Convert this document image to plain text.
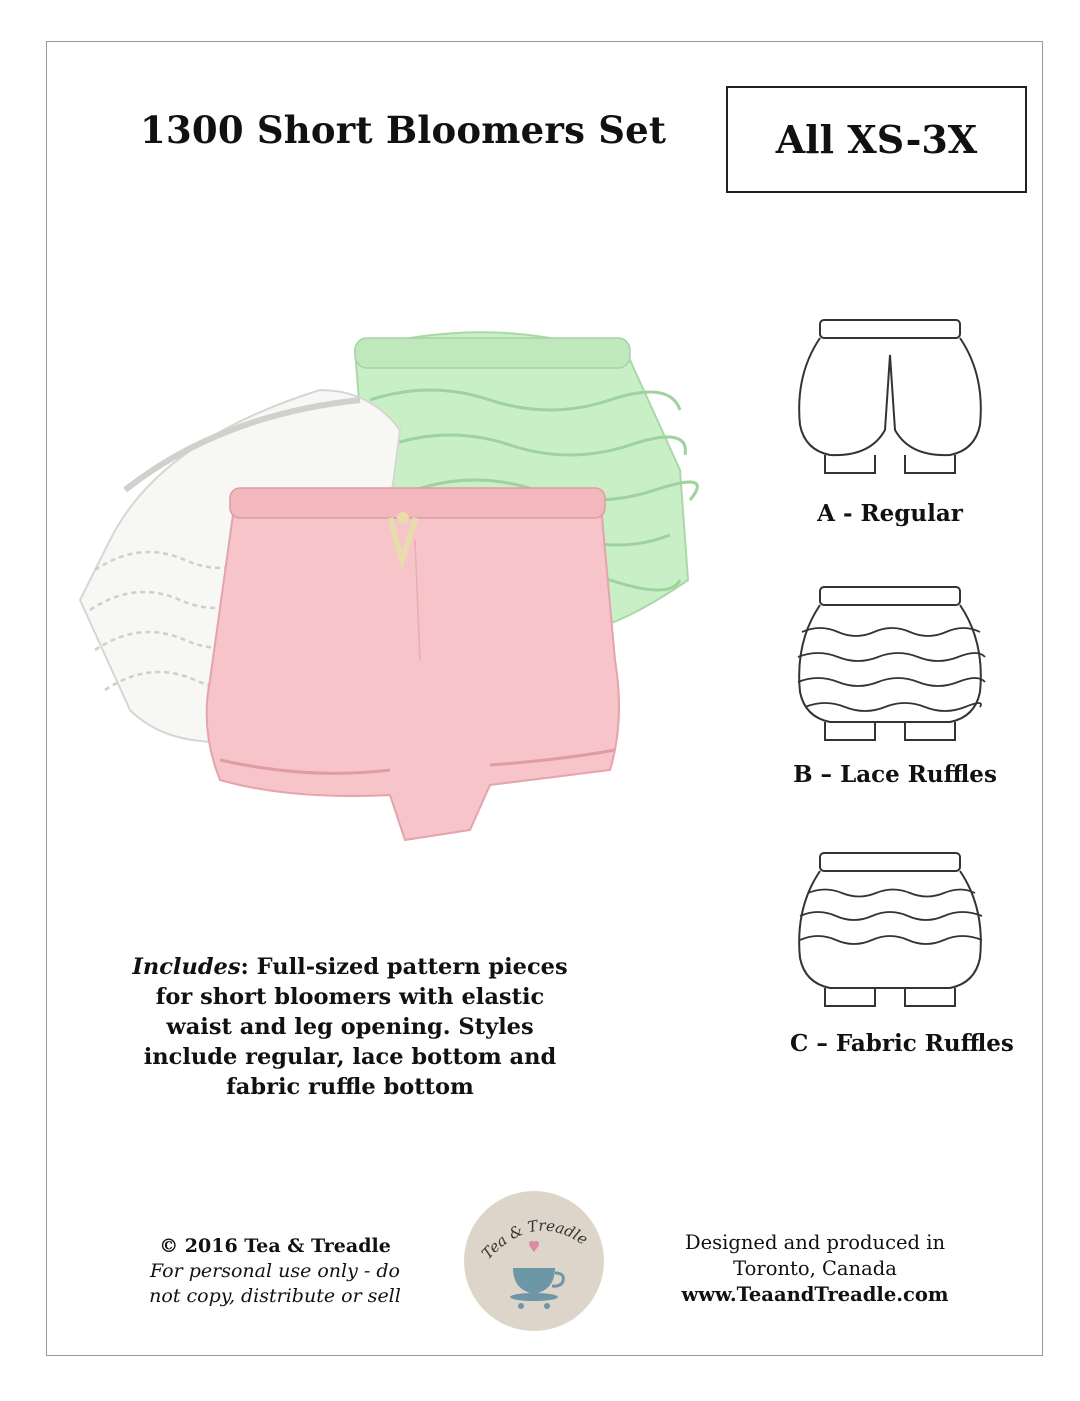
1300 Short Bloomers Set	All XS-3X
A - Regular
B – Lace Ruffles
C – Fabric Ruffles
Includes: Full-sized pattern pieces
for short bloomers with elastic
waist and leg opening. Styles
include regular, lace bottom and
fabric ruffle bottom
© 2016 Tea & Treadle
For personal use only - do
not copy, distribute or sell
Tea & Treadle	Designed and produced in
Toronto, Canada
www.TeaandTreadle.com
